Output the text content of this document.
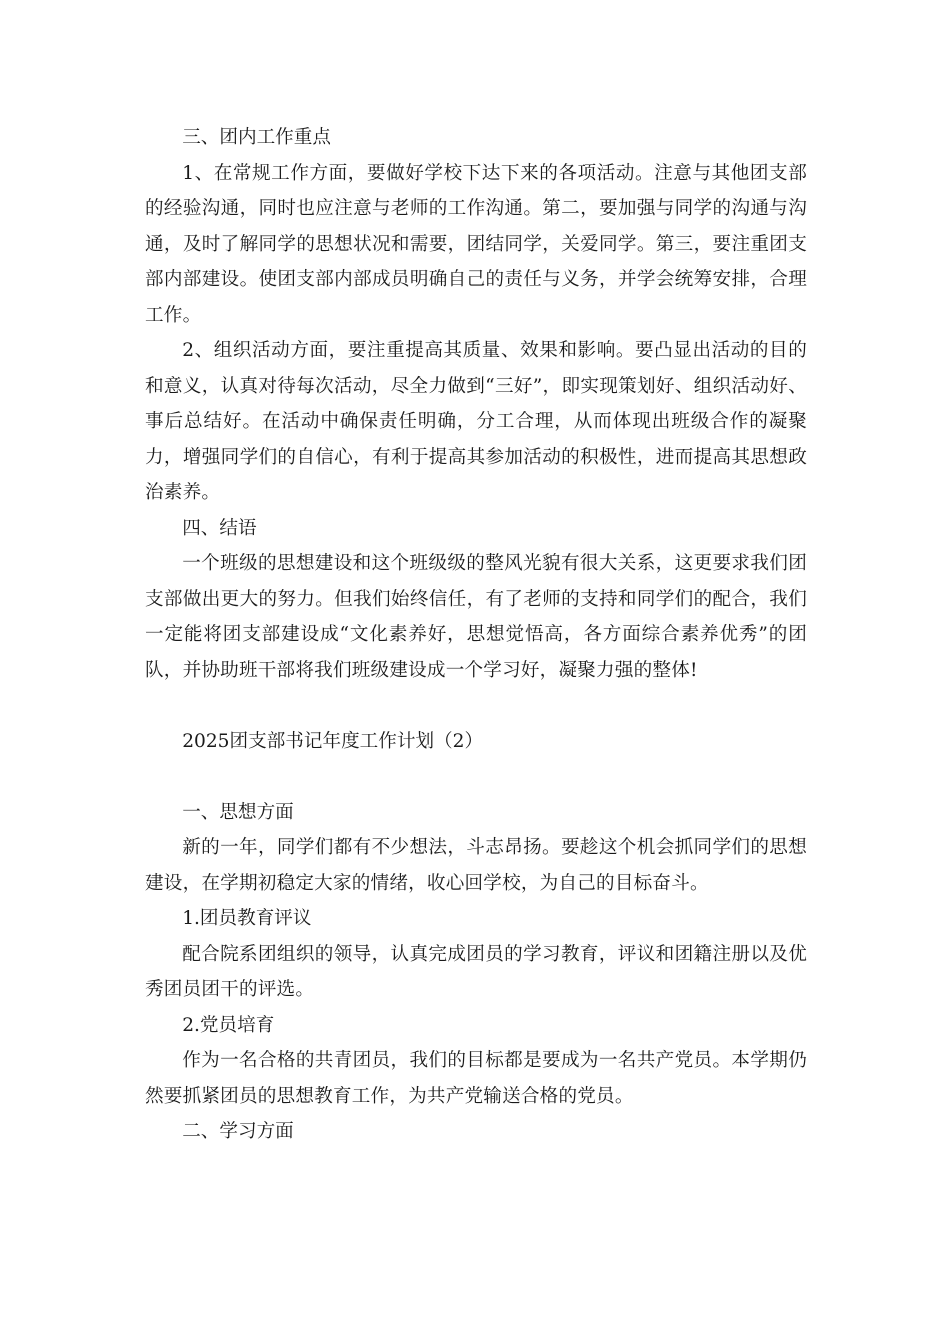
三、团内工作重点

1、在常规工作方面，要做好学校下达下来的各项活动。注意与其他团支部的经验沟通，同时也应注意与老师的工作沟通。第二，要加强与同学的沟通与沟通，及时了解同学的思想状况和需要，团结同学，关爱同学。第三，要注重团支部内部建设。使团支部内部成员明确自己的责任与义务，并学会统筹安排，合理工作。

2、组织活动方面，要注重提高其质量、效果和影响。要凸显出活动的目的和意义，认真对待每次活动，尽全力做到“三好”，即实现策划好、组织活动好、事后总结好。在活动中确保责任明确，分工合理，从而体现出班级合作的凝聚力，增强同学们的自信心，有利于提高其参加活动的积极性，进而提高其思想政治素养。

四、结语

一个班级的思想建设和这个班级级的整风光貌有很大关系，这更要求我们团支部做出更大的努力。但我们始终信任，有了老师的支持和同学们的配合，我们一定能将团支部建设成“文化素养好，思想觉悟高，各方面综合素养优秀”的团队，并协助班干部将我们班级建设成一个学习好，凝聚力强的整体!

2025团支部书记年度工作计划（2）

一、思想方面

新的一年，同学们都有不少想法，斗志昂扬。要趁这个机会抓同学们的思想建设，在学期初稳定大家的情绪，收心回学校，为自己的目标奋斗。

1.团员教育评议

配合院系团组织的领导，认真完成团员的学习教育，评议和团籍注册以及优秀团员团干的评选。

2.党员培育

作为一名合格的共青团员，我们的目标都是要成为一名共产党员。本学期仍然要抓紧团员的思想教育工作，为共产党输送合格的党员。

二、学习方面
